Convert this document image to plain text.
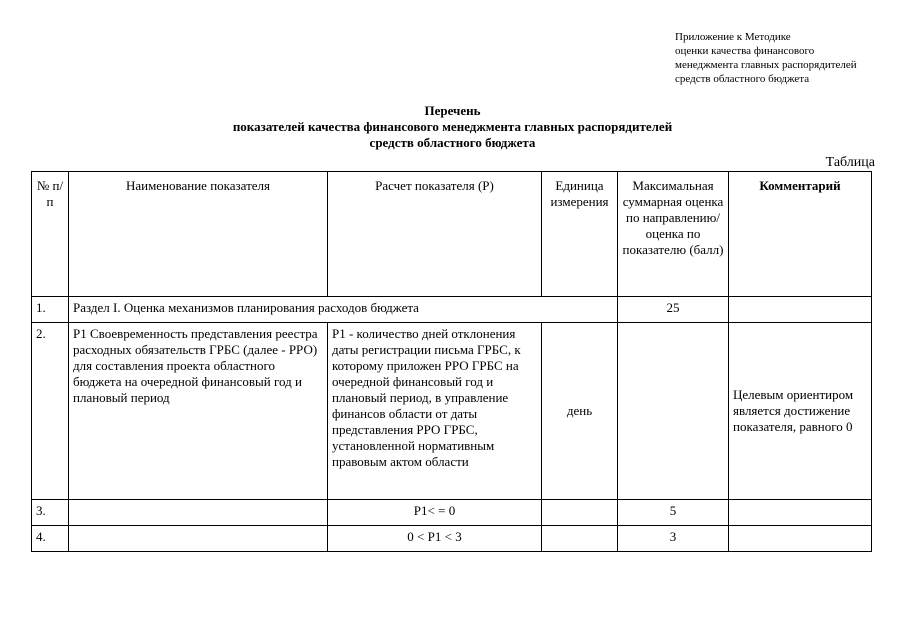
Приложение к Методике
оценки качества финансового
менеджмента главных распорядителей
средств областного бюджета
Перечень
показателей качества финансового менеджмента главных распорядителей
средств областного бюджета
Таблица
№ п/п	Наименование показателя	Расчет показателя (Р)	Единица измерения	Максимальная суммарная оценка по направлению/ оценка по показателю (балл)	Комментарий
1.	Раздел I. Оценка механизмов планирования расходов бюджета			25	
2.	Р1 Своевременность представления реестра расходных обязательств ГРБС (далее - РРО) для составления проекта областного бюджета на очередной финансовый год и плановый период	Р1 - количество дней отклонения даты регистрации письма ГРБС, к которому приложен РРО ГРБС на очередной финансовый год и плановый период, в управление финансов области от даты представления РРО ГРБС, установленной нормативным правовым актом области	день		Целевым ориентиром является достижение показателя, равного 0
3.		Р1< = 0		5	
4.		0 < Р1 < 3		3	
